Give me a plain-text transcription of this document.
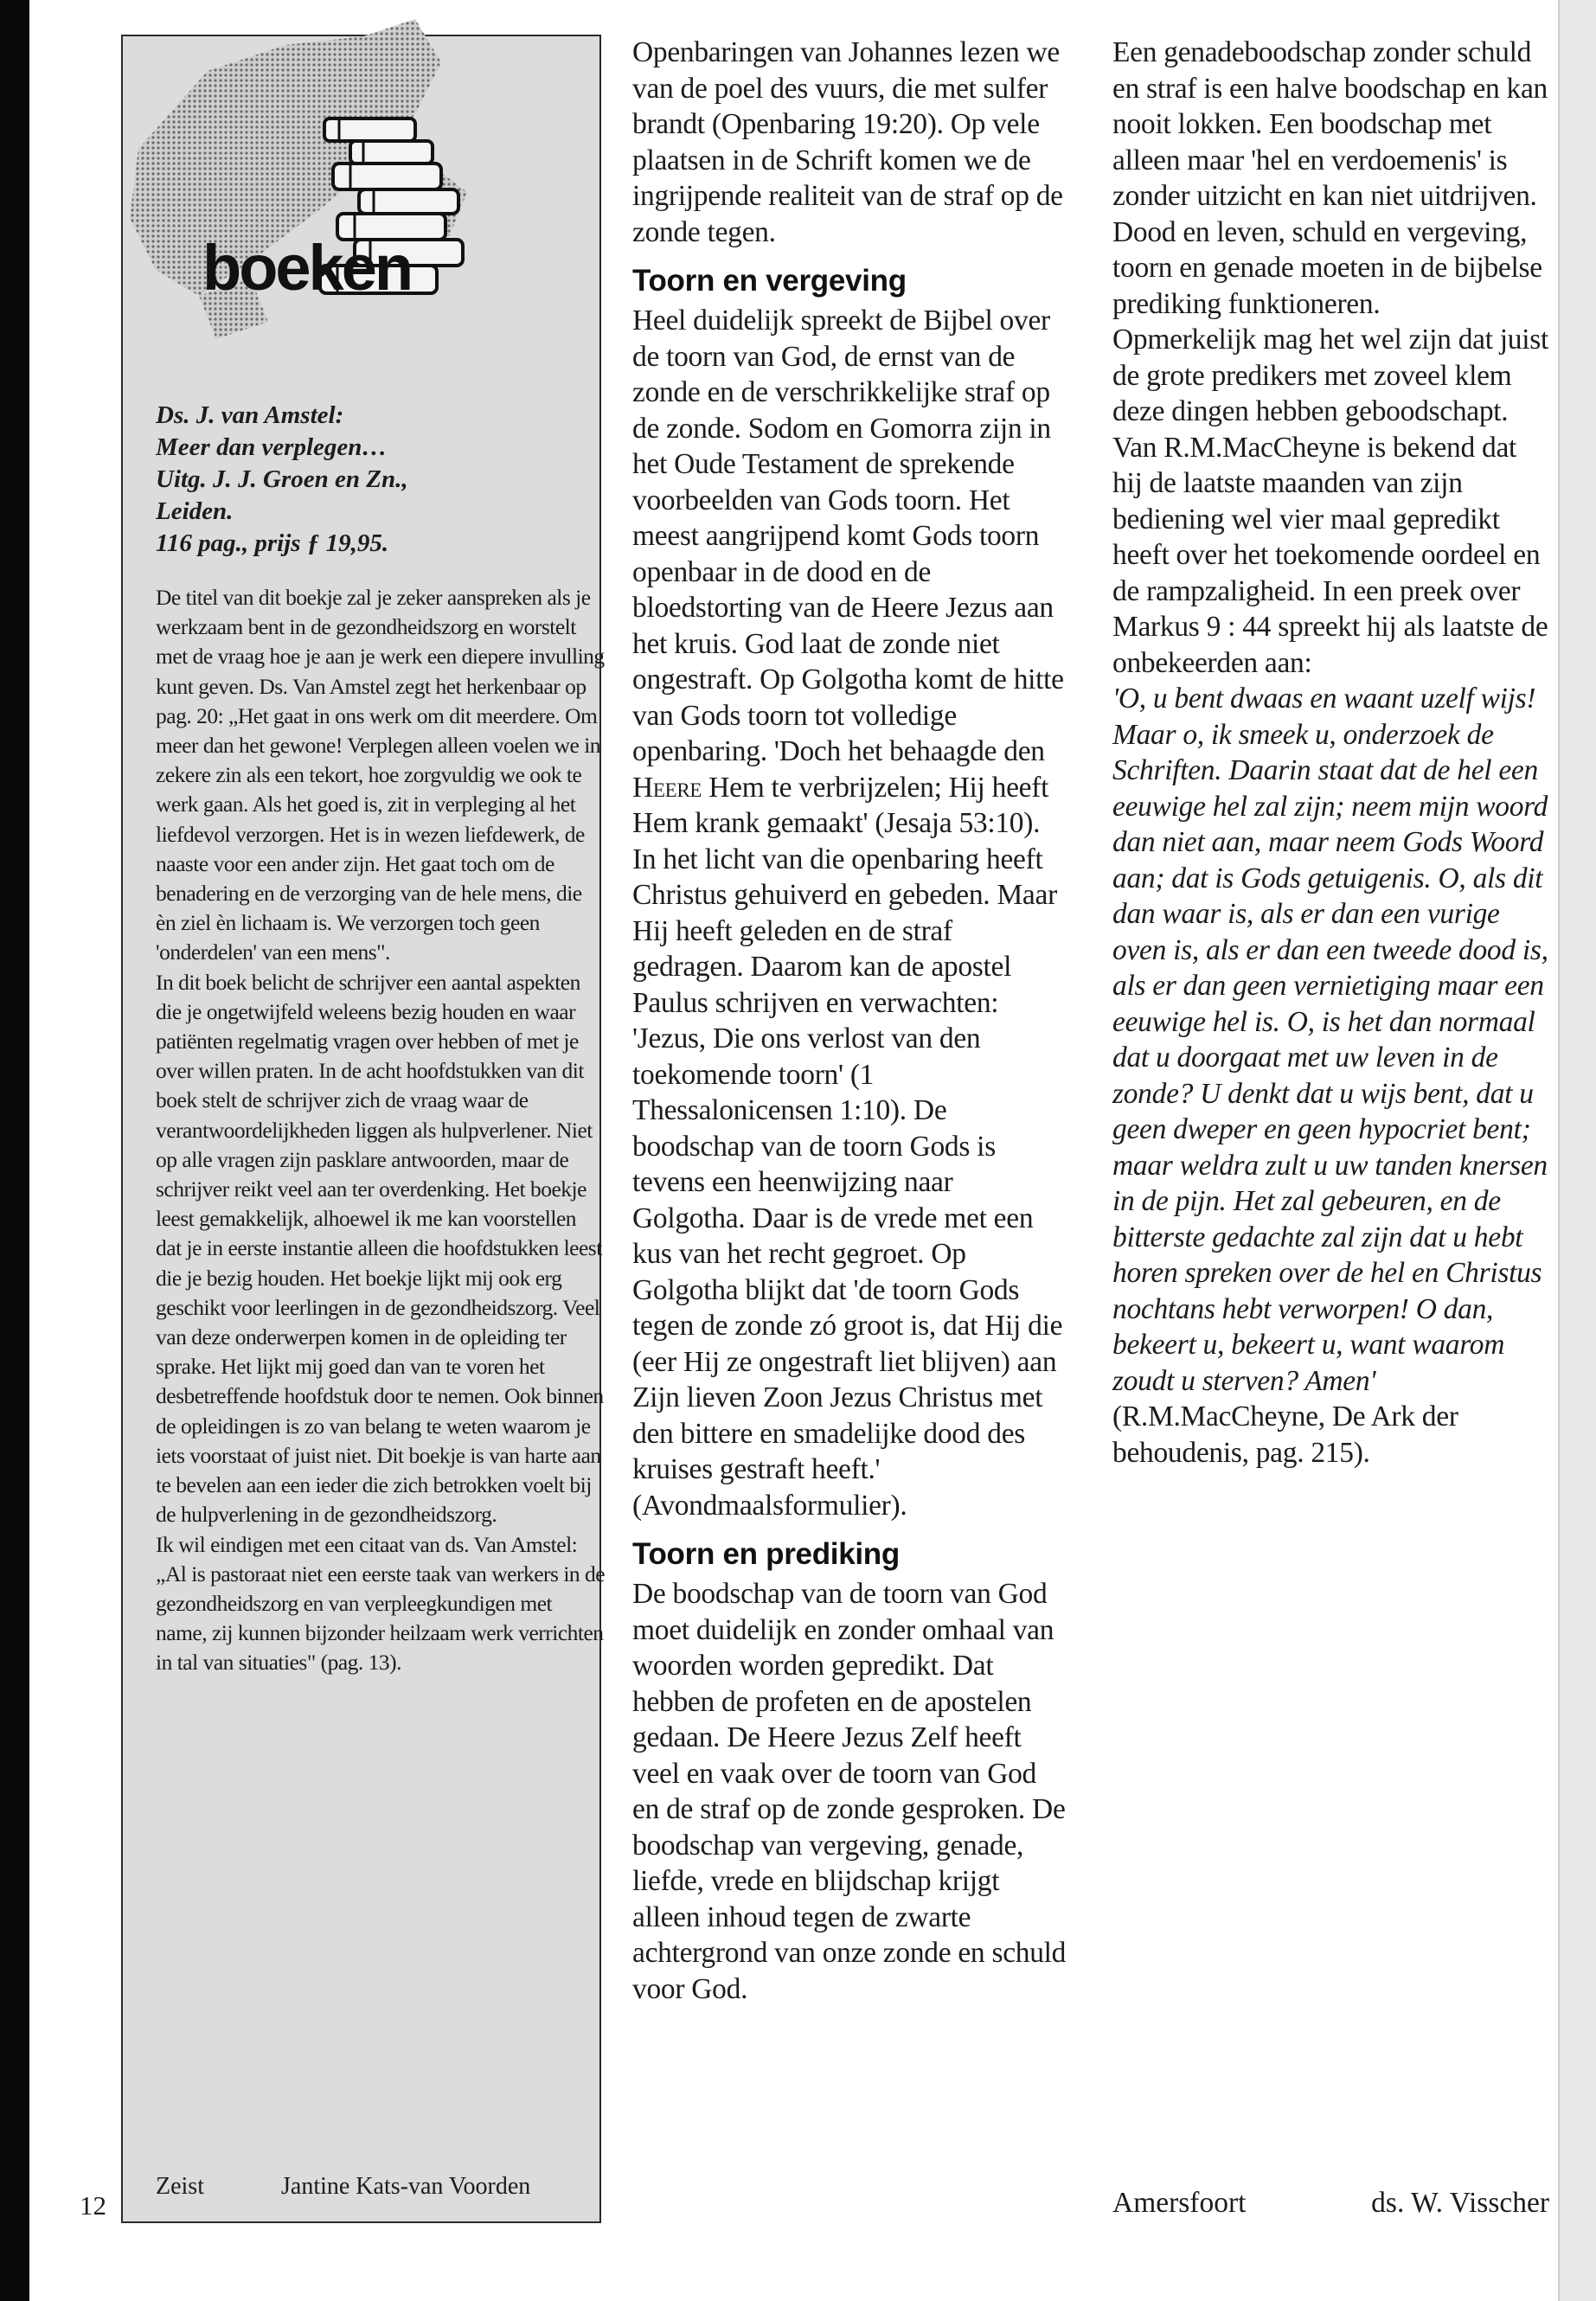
12
boeken
Ds. J. van Amstel:
Meer dan verplegen…
Uitg. J. J. Groen en Zn.,
Leiden.
116 pag., prijs ƒ 19,95.

De titel van dit boekje zal je zeker aanspreken als je werkzaam bent in de gezondheidszorg en worstelt met de vraag hoe je aan je werk een diepere invulling kunt geven. Ds. Van Amstel zegt het herkenbaar op pag. 20: „Het gaat in ons werk om dit meerdere. Om meer dan het gewone! Verplegen alleen voelen we in zekere zin als een tekort, hoe zorgvuldig we ook te werk gaan. Als het goed is, zit in verpleging al het liefdevol verzorgen. Het is in wezen liefdewerk, de naaste voor een ander zijn. Het gaat toch om de benadering en de verzorging van de hele mens, die èn ziel èn lichaam is. We verzorgen toch geen 'onderdelen' van een mens".

In dit boek belicht de schrijver een aantal aspekten die je ongetwijfeld weleens bezig houden en waar patiënten regelmatig vragen over hebben of met je over willen praten. In de acht hoofdstukken van dit boek stelt de schrijver zich de vraag waar de verantwoordelijkheden liggen als hulpverlener. Niet op alle vragen zijn pasklare antwoorden, maar de schrijver reikt veel aan ter overdenking. Het boekje leest gemakkelijk, alhoewel ik me kan voorstellen dat je in eerste instantie alleen die hoofdstukken leest die je bezig houden. Het boekje lijkt mij ook erg geschikt voor leerlingen in de gezondheidszorg. Veel van deze onderwerpen komen in de opleiding ter sprake. Het lijkt mij goed dan van te voren het desbetreffende hoofdstuk door te nemen. Ook binnen de opleidingen is zo van belang te weten waarom je iets voorstaat of juist niet. Dit boekje is van harte aan te bevelen aan een ieder die zich betrokken voelt bij de hulpverlening in de gezondheidszorg.

Ik wil eindigen met een citaat van ds. Van Amstel: „Al is pastoraat niet een eerste taak van werkers in de gezondheidszorg en van verpleegkundigen met name, zij kunnen bijzonder heilzaam werk verrichten in tal van situaties" (pag. 13).

Zeist	Jantine Kats-van Voorden

Openbaringen van Johannes lezen we van de poel des vuurs, die met sulfer brandt (Openbaring 19:20). Op vele plaatsen in de Schrift komen we de ingrijpende realiteit van de straf op de zonde tegen.

Toorn en vergeving

Heel duidelijk spreekt de Bijbel over de toorn van God, de ernst van de zonde en de verschrikkelijke straf op de zonde. Sodom en Gomorra zijn in het Oude Testament de sprekende voorbeelden van Gods toorn. Het meest aangrijpend komt Gods toorn openbaar in de dood en de bloedstorting van de Heere Jezus aan het kruis. God laat de zonde niet ongestraft. Op Golgotha komt de hitte van Gods toorn tot volledige openbaring. 'Doch het behaagde den Heere Hem te verbrijzelen; Hij heeft Hem krank gemaakt' (Jesaja 53:10). In het licht van die openbaring heeft Christus gehuiverd en gebeden. Maar Hij heeft geleden en de straf gedragen. Daarom kan de apostel Paulus schrijven en verwachten: 'Jezus, Die ons verlost van den toekomende toorn' (1 Thessalonicensen 1:10). De boodschap van de toorn Gods is tevens een heenwijzing naar Golgotha. Daar is de vrede met een kus van het recht gegroet. Op Golgotha blijkt dat 'de toorn Gods tegen de zonde zó groot is, dat Hij die (eer Hij ze ongestraft liet blijven) aan Zijn lieven Zoon Jezus Christus met den bittere en smadelijke dood des kruises gestraft heeft.' (Avondmaalsformulier).

Toorn en prediking

De boodschap van de toorn van God moet duidelijk en zonder omhaal van woorden worden gepredikt. Dat hebben de profeten en de apostelen gedaan. De Heere Jezus Zelf heeft veel en vaak over de toorn van God en de straf op de zonde gesproken. De boodschap van vergeving, genade, liefde, vrede en blijdschap krijgt alleen inhoud tegen de zwarte achtergrond van onze zonde en schuld voor God.

Een genadeboodschap zonder schuld en straf is een halve boodschap en kan nooit lokken. Een boodschap met alleen maar 'hel en verdoemenis' is zonder uitzicht en kan niet uitdrijven. Dood en leven, schuld en vergeving, toorn en genade moeten in de bijbelse prediking funktioneren.

Opmerkelijk mag het wel zijn dat juist de grote predikers met zoveel klem deze dingen hebben geboodschapt. Van R.M.MacCheyne is bekend dat hij de laatste maanden van zijn bediening wel vier maal gepredikt heeft over het toekomende oordeel en de rampzaligheid. In een preek over Markus 9 : 44 spreekt hij als laatste de onbekeerden aan:

'O, u bent dwaas en waant uzelf wijs! Maar o, ik smeek u, onderzoek de Schriften. Daarin staat dat de hel een eeuwige hel zal zijn; neem mijn woord dan niet aan, maar neem Gods Woord aan; dat is Gods getuigenis. O, als dit dan waar is, als er dan een vurige oven is, als er dan een tweede dood is, als er dan geen vernietiging maar een eeuwige hel is. O, is het dan normaal dat u doorgaat met uw leven in de zonde? U denkt dat u wijs bent, dat u geen dweper en geen hypocriet bent; maar weldra zult u uw tanden knersen in de pijn. Het zal gebeuren, en de bitterste gedachte zal zijn dat u hebt horen spreken over de hel en Christus nochtans hebt verworpen! O dan, bekeert u, bekeert u, want waarom zoudt u sterven? Amen'

(R.M.MacCheyne, De Ark der behoudenis, pag. 215).

Amersfoort	ds. W. Visscher
